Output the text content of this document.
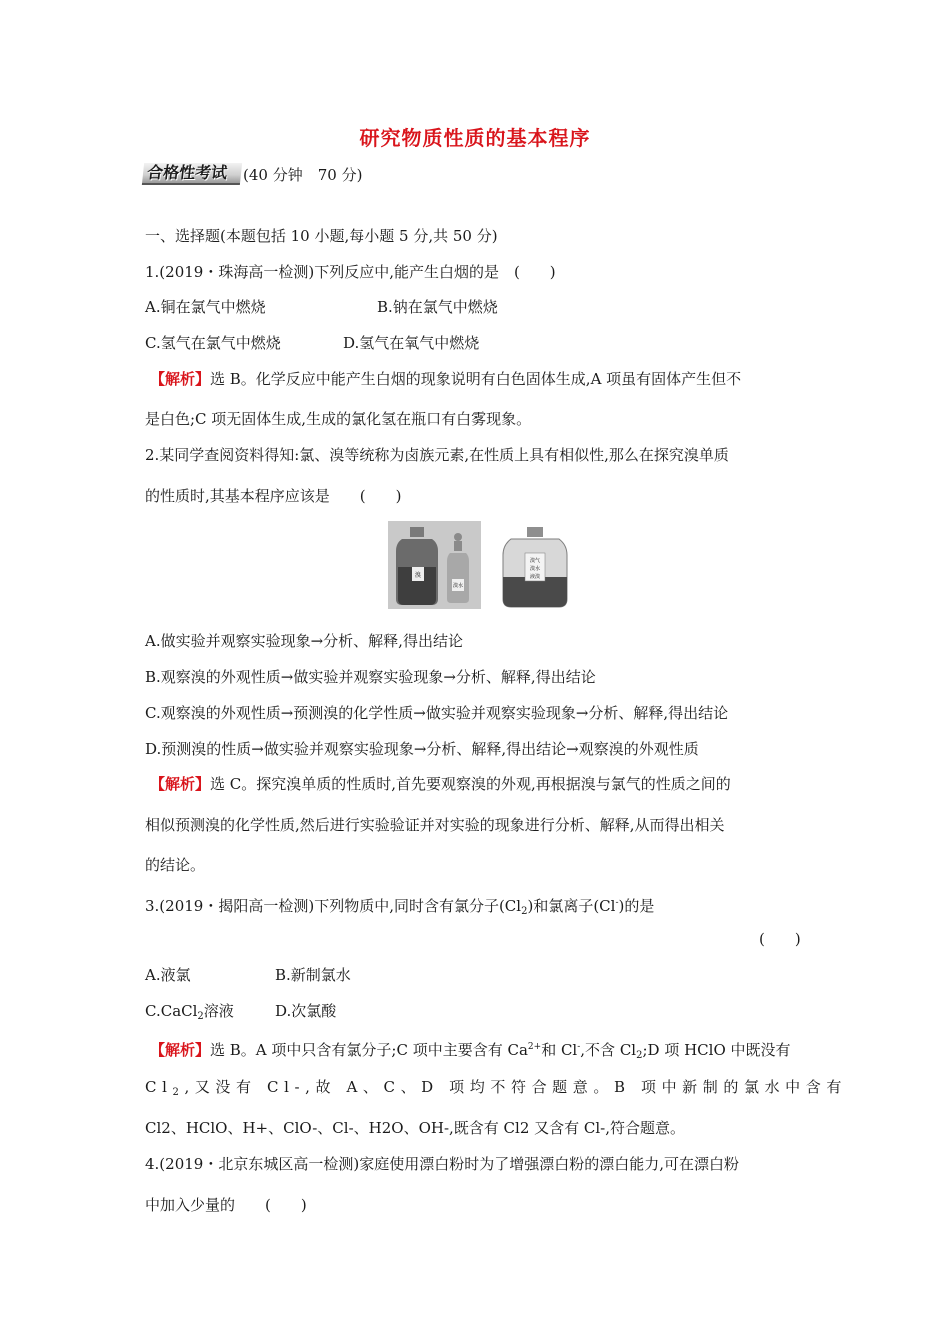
研究物质性质的基本程序
合格性考试 (40 分钟　70 分)
一、选择题(本题包括 10 小题,每小题 5 分,共 50 分)
1.(2019・珠海高一检测)下列反应中,能产生白烟的是　(　　)
A.铜在氯气中燃烧	B.钠在氯气中燃烧
C.氢气在氯气中燃烧	D.氢气在氧气中燃烧
【解析】选 B。化学反应中能产生白烟的现象说明有白色固体生成,A 项虽有固体产生但不
是白色;C 项无固体生成,生成的氯化氢在瓶口有白雾现象。
2.某同学查阅资料得知:氯、溴等统称为卤族元素,在性质上具有相似性,那么在探究溴单质
的性质时,其基本程序应该是　　(　　)
溴
溴水
溴气
溴水
液溴
A.做实验并观察实验现象→分析、解释,得出结论
B.观察溴的外观性质→做实验并观察实验现象→分析、解释,得出结论
C.观察溴的外观性质→预测溴的化学性质→做实验并观察实验现象→分析、解释,得出结论
D.预测溴的性质→做实验并观察实验现象→分析、解释,得出结论→观察溴的外观性质
【解析】选 C。探究溴单质的性质时,首先要观察溴的外观,再根据溴与氯气的性质之间的
相似预测溴的化学性质,然后进行实验验证并对实验的现象进行分析、解释,从而得出相关
的结论。
3.(2019・揭阳高一检测)下列物质中,同时含有氯分子$(Cl_2)$和氯离子(Cl-)的是
(　　)
A.液氯	B.新制氯水
C.CaCl$_2$溶液	D.次氯酸
【解析】选 B。A 项中只含有氯分子;C 项中主要含有 $Ca^{2+}$和 Cl-,不含 $Cl_2;D$ 项 HClO 中既没有
$Cl_2$,又没有 Cl-,故 A、C、D 项均不符合题意。B 项中新制的氯水中含有
Cl2、HClO、H+、ClO-、Cl-、H2O、OH-,既含有 Cl2 又含有 Cl-,符合题意。
4.(2019・北京东城区高一检测)家庭使用漂白粉时为了增强漂白粉的漂白能力,可在漂白粉
中加入少量的　　(　　)
